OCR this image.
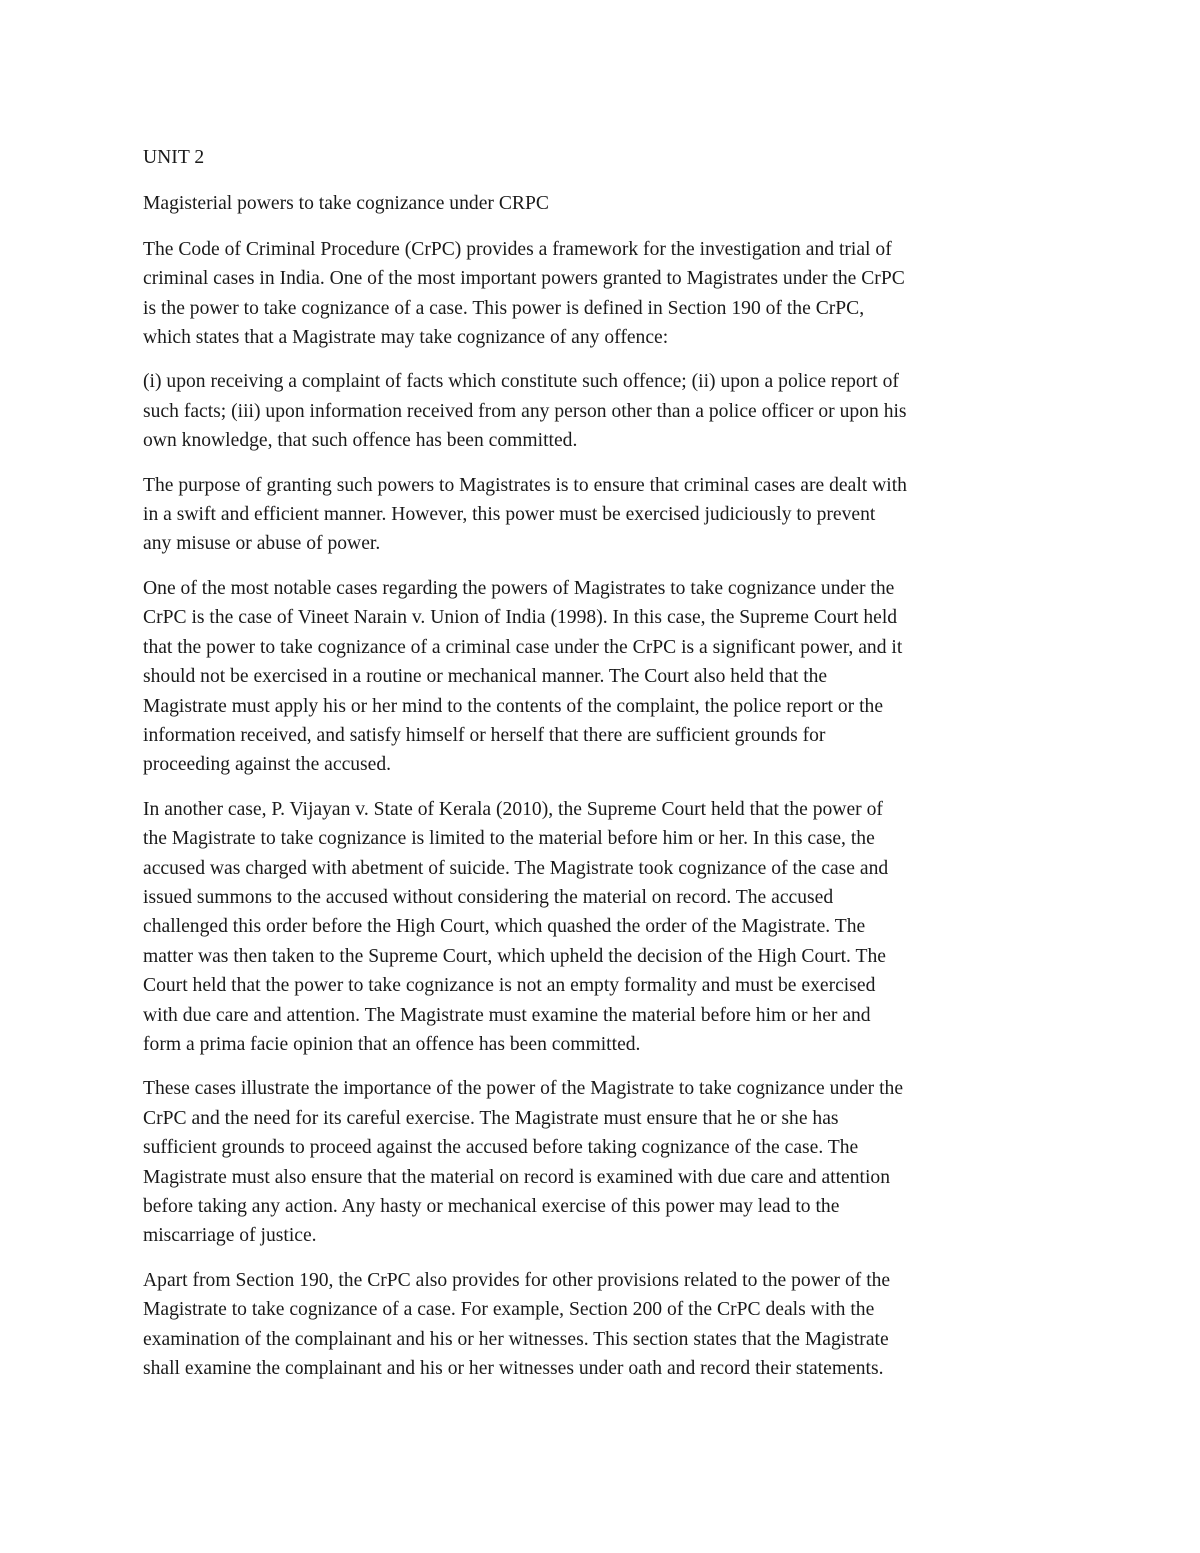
UNIT 2
Magisterial powers to take cognizance under CRPC
The Code of Criminal Procedure (CrPC) provides a framework for the investigation and trial of
criminal cases in India. One of the most important powers granted to Magistrates under the CrPC
is the power to take cognizance of a case. This power is defined in Section 190 of the CrPC,
which states that a Magistrate may take cognizance of any offence:
(i) upon receiving a complaint of facts which constitute such offence; (ii) upon a police report of
such facts; (iii) upon information received from any person other than a police officer or upon his
own knowledge, that such offence has been committed.
The purpose of granting such powers to Magistrates is to ensure that criminal cases are dealt with
in a swift and efficient manner. However, this power must be exercised judiciously to prevent
any misuse or abuse of power.
One of the most notable cases regarding the powers of Magistrates to take cognizance under the
CrPC is the case of Vineet Narain v. Union of India (1998). In this case, the Supreme Court held
that the power to take cognizance of a criminal case under the CrPC is a significant power, and it
should not be exercised in a routine or mechanical manner. The Court also held that the
Magistrate must apply his or her mind to the contents of the complaint, the police report or the
information received, and satisfy himself or herself that there are sufficient grounds for
proceeding against the accused.
In another case, P. Vijayan v. State of Kerala (2010), the Supreme Court held that the power of
the Magistrate to take cognizance is limited to the material before him or her. In this case, the
accused was charged with abetment of suicide. The Magistrate took cognizance of the case and
issued summons to the accused without considering the material on record. The accused
challenged this order before the High Court, which quashed the order of the Magistrate. The
matter was then taken to the Supreme Court, which upheld the decision of the High Court. The
Court held that the power to take cognizance is not an empty formality and must be exercised
with due care and attention. The Magistrate must examine the material before him or her and
form a prima facie opinion that an offence has been committed.
These cases illustrate the importance of the power of the Magistrate to take cognizance under the
CrPC and the need for its careful exercise. The Magistrate must ensure that he or she has
sufficient grounds to proceed against the accused before taking cognizance of the case. The
Magistrate must also ensure that the material on record is examined with due care and attention
before taking any action. Any hasty or mechanical exercise of this power may lead to the
miscarriage of justice.
Apart from Section 190, the CrPC also provides for other provisions related to the power of the
Magistrate to take cognizance of a case. For example, Section 200 of the CrPC deals with the
examination of the complainant and his or her witnesses. This section states that the Magistrate
shall examine the complainant and his or her witnesses under oath and record their statements.
